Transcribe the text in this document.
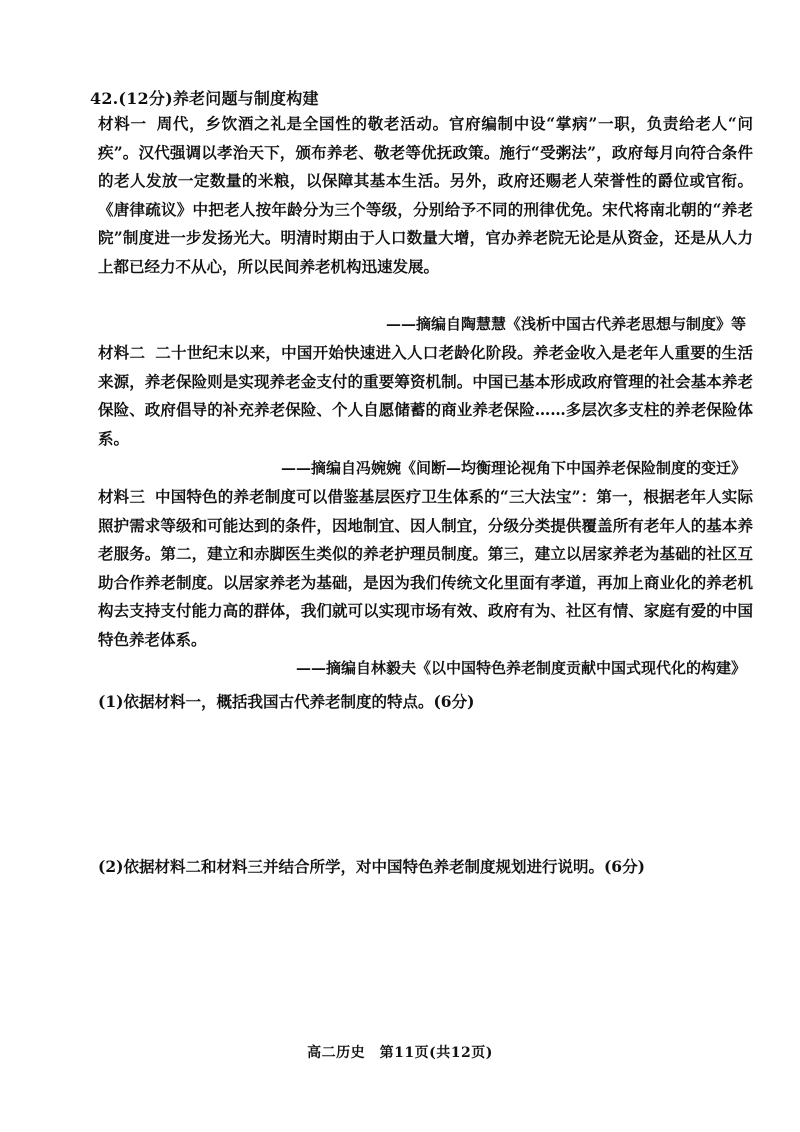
42.(12分)养老问题与制度构建
材料一 周代，乡饮酒之礼是全国性的敬老活动。官府编制中设“掌病”一职，负责给老人“问疾”。汉代强调以孝治天下，颁布养老、敬老等优抚政策。施行“受粥法”，政府每月向符合条件的老人发放一定数量的米粮，以保障其基本生活。另外，政府还赐老人荣誉性的爵位或官衔。《唐律疏议》中把老人按年龄分为三个等级，分别给予不同的刑律优免。宋代将南北朝的“养老院”制度进一步发扬光大。明清时期由于人口数量大增，官办养老院无论是从资金，还是从人力上都已经力不从心，所以民间养老机构迅速发展。
——摘编自陶慧慧《浅析中国古代养老思想与制度》等
材料二 二十世纪末以来，中国开始快速进入人口老龄化阶段。养老金收入是老年人重要的生活来源，养老保险则是实现养老金支付的重要筹资机制。中国已基本形成政府管理的社会基本养老保险、政府倡导的补充养老保险、个人自愿储蓄的商业养老保险……多层次多支柱的养老保险体系。
——摘编自冯婉婉《间断—均衡理论视角下中国养老保险制度的变迁》
材料三 中国特色的养老制度可以借鉴基层医疗卫生体系的“三大法宝”：第一，根据老年人实际照护需求等级和可能达到的条件，因地制宜、因人制宜，分级分类提供覆盖所有老年人的基本养老服务。第二，建立和赤脚医生类似的养老护理员制度。第三，建立以居家养老为基础的社区互助合作养老制度。以居家养老为基础，是因为我们传统文化里面有孝道，再加上商业化的养老机构去支持支付能力高的群体，我们就可以实现市场有效、政府有为、社区有情、家庭有爱的中国特色养老体系。
——摘编自林毅夫《以中国特色养老制度贡献中国式现代化的构建》
(1)依据材料一，概括我国古代养老制度的特点。(6分)
(2)依据材料二和材料三并结合所学，对中国特色养老制度规划进行说明。(6分)
高二历史　第11页(共12页)
